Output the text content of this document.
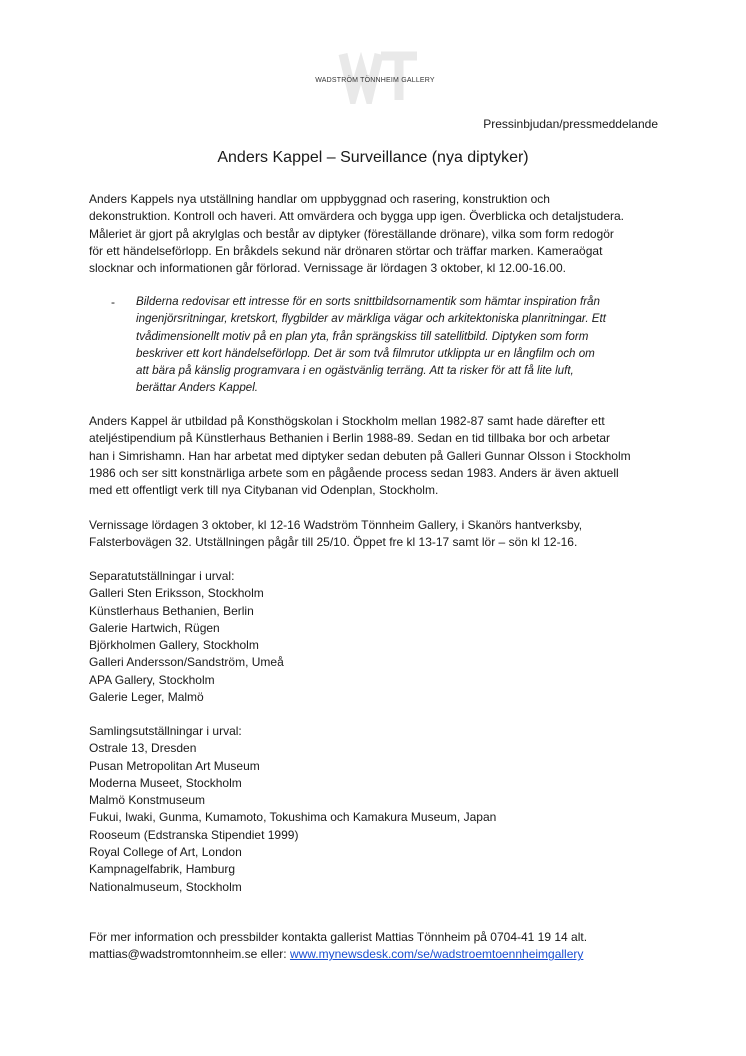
WADSTRÖM TÖNNHEIM GALLERY
Pressinbjudan/pressmeddelande
Anders Kappel – Surveillance (nya diptyker)

Anders Kappels nya utställning handlar om uppbyggnad och rasering, konstruktion och
dekonstruktion. Kontroll och haveri. Att omvärdera och bygga upp igen. Överblicka och detaljstudera.
Måleriet är gjort på akrylglas och består av diptyker (föreställande drönare), vilka som form redogör
för ett händelseförlopp. En bråkdels sekund när drönaren störtar och träffar marken. Kameraögat
slocknar och informationen går förlorad. Vernissage är lördagen 3 oktober, kl 12.00-16.00.

- Bilderna redovisar ett intresse för en sorts snittbildsornamentik som hämtar inspiration från
ingenjörsritningar, kretskort, flygbilder av märkliga vägar och arkitektoniska planritningar. Ett
tvådimensionellt motiv på en plan yta, från sprängskiss till satellitbild. Diptyken som form
beskriver ett kort händelseförlopp. Det är som två filmrutor utklippta ur en långfilm och om
att bära på känslig programvara i en ogästvänlig terräng. Att ta risker för att få lite luft,
berättar Anders Kappel.

Anders Kappel är utbildad på Konsthögskolan i Stockholm mellan 1982-87 samt hade därefter ett
ateljéstipendium på Künstlerhaus Bethanien i Berlin 1988-89. Sedan en tid tillbaka bor och arbetar
han i Simrishamn. Han har arbetat med diptyker sedan debuten på Galleri Gunnar Olsson i Stockholm
1986 och ser sitt konstnärliga arbete som en pågående process sedan 1983. Anders är även aktuell
med ett offentligt verk till nya Citybanan vid Odenplan, Stockholm.

Vernissage lördagen 3 oktober, kl 12-16 Wadström Tönnheim Gallery, i Skanörs hantverksby,
Falsterbovägen 32. Utställningen pågår till 25/10. Öppet fre kl 13-17 samt lör – sön kl 12-16.

Separatutställningar i urval:
Galleri Sten Eriksson, Stockholm
Künstlerhaus Bethanien, Berlin
Galerie Hartwich, Rügen
Björkholmen Gallery, Stockholm
Galleri Andersson/Sandström, Umeå
APA Gallery, Stockholm
Galerie Leger, Malmö
Samlingsutställningar i urval:
Ostrale 13, Dresden
Pusan Metropolitan Art Museum
Moderna Museet, Stockholm
Malmö Konstmuseum
Fukui, Iwaki, Gunma, Kumamoto, Tokushima och Kamakura Museum, Japan
Rooseum (Edstranska Stipendiet 1999)
Royal College of Art, London
Kampnagelfabrik, Hamburg
Nationalmuseum, Stockholm
För mer information och pressbilder kontakta gallerist Mattias Tönnheim på 0704-41 19 14 alt.
mattias@wadstromtonnheim.se eller: www.mynewsdesk.com/se/wadstroemtoennheimgallery
